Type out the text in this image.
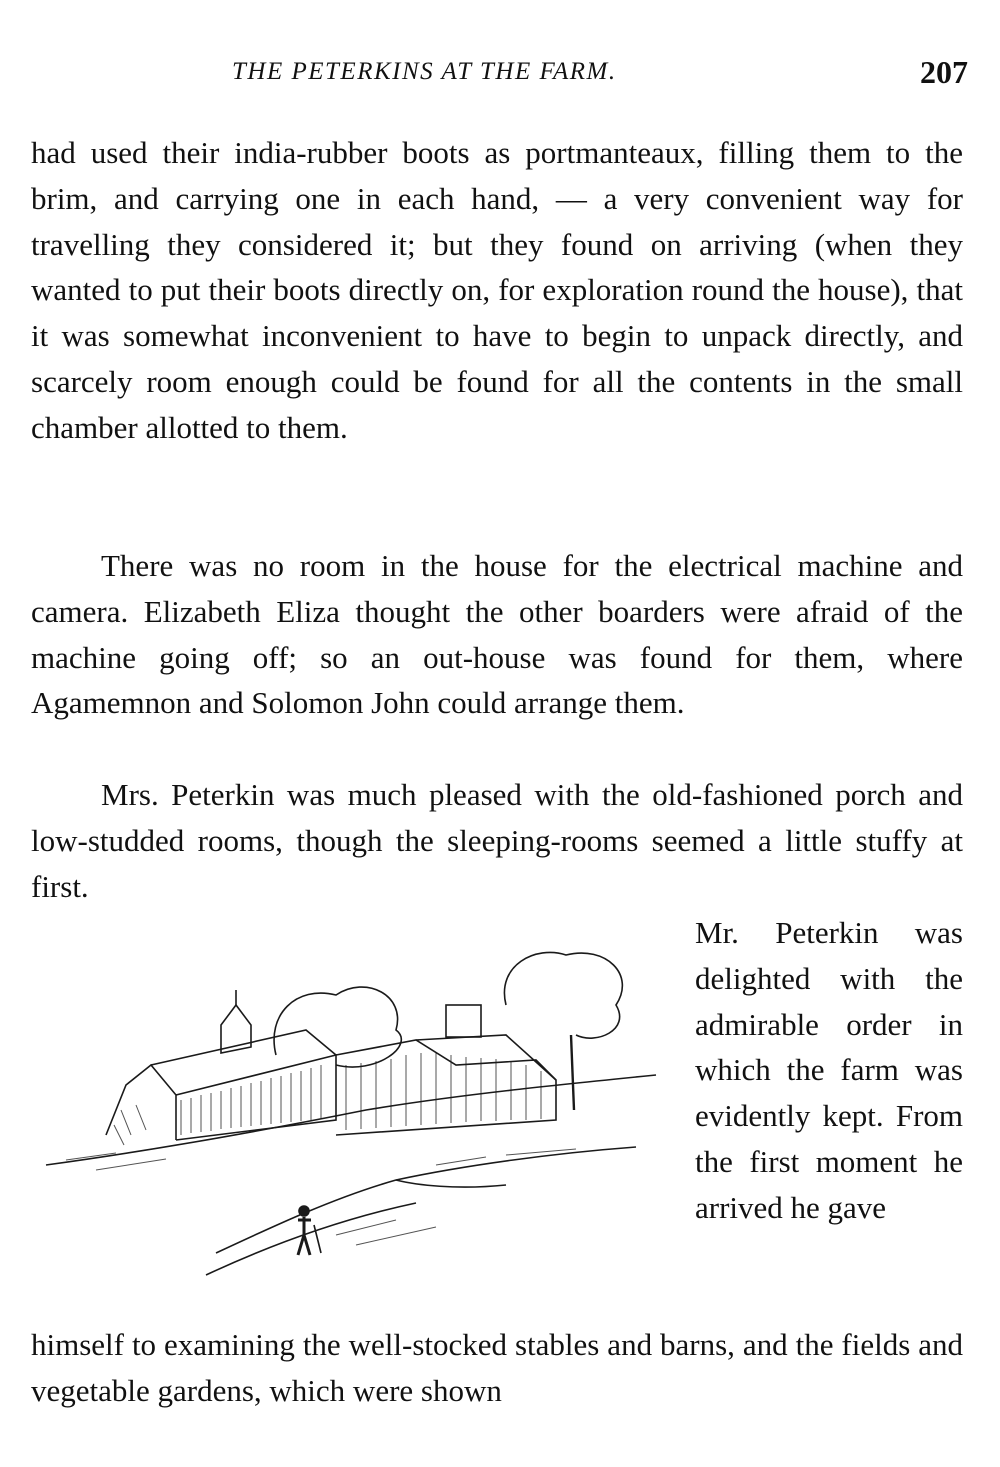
THE PETERKINS AT THE FARM.	207

had used their india-rubber boots as portmanteaux, filling them to the brim, and carrying one in each hand, — a very convenient way for travelling they considered it; but they found on arriving (when they wanted to put their boots directly on, for exploration round the house), that it was somewhat inconvenient to have to begin to unpack directly, and scarcely room enough could be found for all the contents in the small chamber allotted to them.

There was no room in the house for the electrical machine and camera. Elizabeth Eliza thought the other boarders were afraid of the machine going off; so an out-house was found for them, where Agamemnon and Solomon John could arrange them.

Mrs. Peterkin was much pleased with the old-fashioned porch and low-studded rooms, though the sleeping-rooms seemed a little stuffy at first.

Mr. Peterkin was delighted with the admirable order in which the farm was evidently kept. From the first moment he arrived he gave

himself to examining the well-stocked stables and barns, and the fields and vegetable gardens, which were shown
